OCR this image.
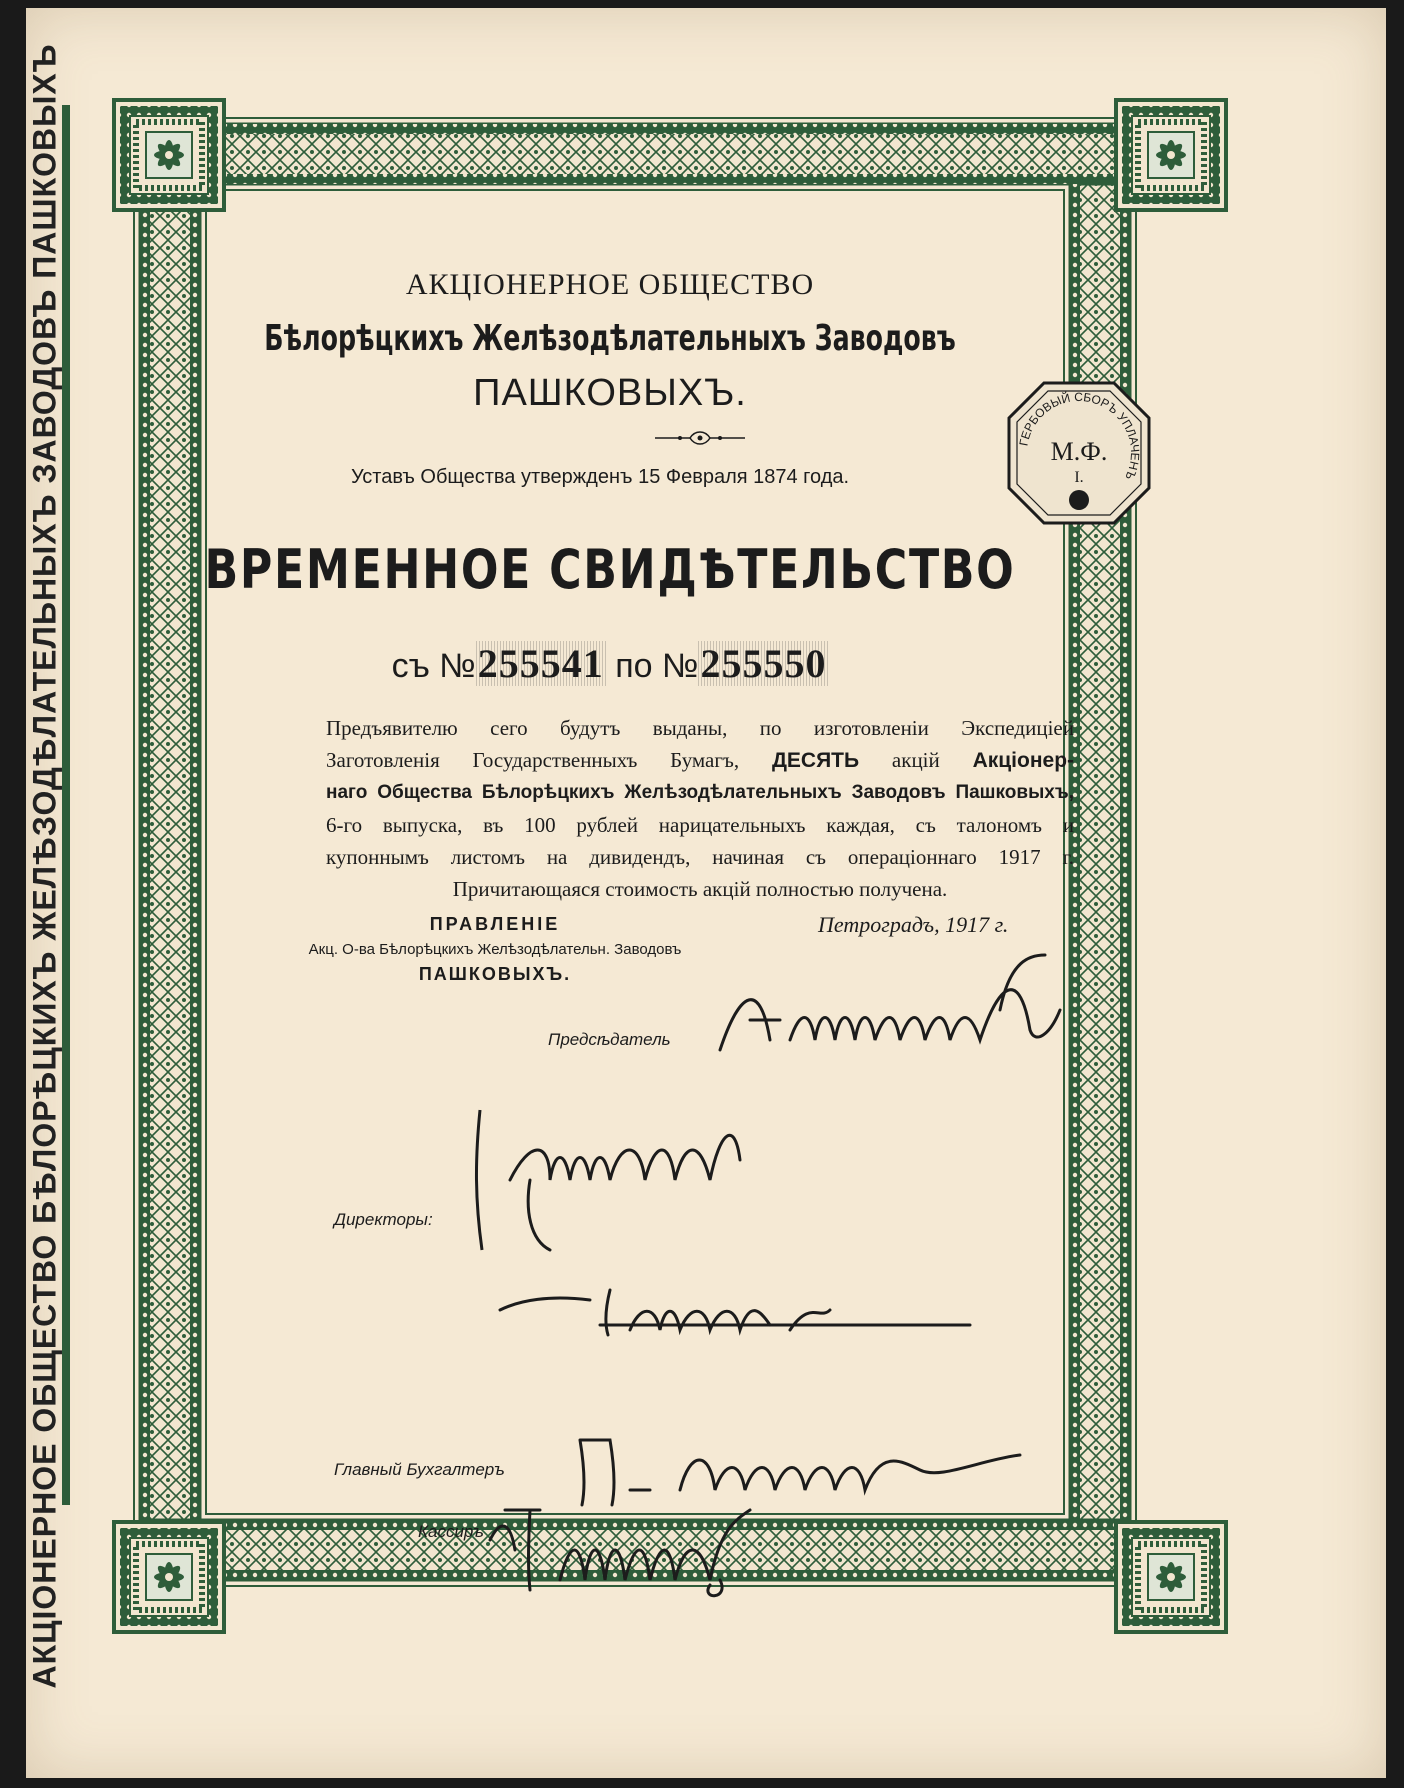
АКЦІОНЕРНОЕ ОБЩЕСТВО БѢЛОРѢЦКИХЪ ЖЕЛѢЗОДѢЛАТЕЛЬНЫХЪ ЗАВОДОВЪ ПАШКОВЫХЪ	АКЦІОНЕРНОЕ ОБЩЕСТВО
Бѣлорѣцкихъ Желѣзодѣлательныхъ Заводовъ
ПАШКОВЫХЪ.
Уставъ Общества утвержденъ 15 Февраля 1874 года.
ГЕРБОВЫЙ СБОРЪ УПЛАЧЕНЪ
М.Ф.
I.
ВРЕМЕННОЕ СВИДѢТЕЛЬСТВО
съ №255541 по №255550
Предъявителю сего будутъ выданы, по изготовленіи Экспедиціей
Заготовленія Государственныхъ Бумагъ, ДЕСЯТЬ акцій Акціонер-
наго Общества Бѣлорѣцкихъ Желѣзодѣлательныхъ Заводовъ Пашковыхъ,
6-го выпуска, въ 100 рублей нарицательныхъ каждая, съ талономъ и
купоннымъ листомъ на дивидендъ, начиная съ операціоннаго 1917 г.
Причитающаяся стоимость акцій полностью получена.
ПРАВЛЕНІЕ
Акц. О-ва Бѣлорѣцкихъ Желѣзодѣлательн. Заводовъ
ПАШКОВЫХЪ.
Петроградъ, 1917 г.
Предсѣдатель
Директоры:
Главный Бухгалтеръ
Кассиръ
